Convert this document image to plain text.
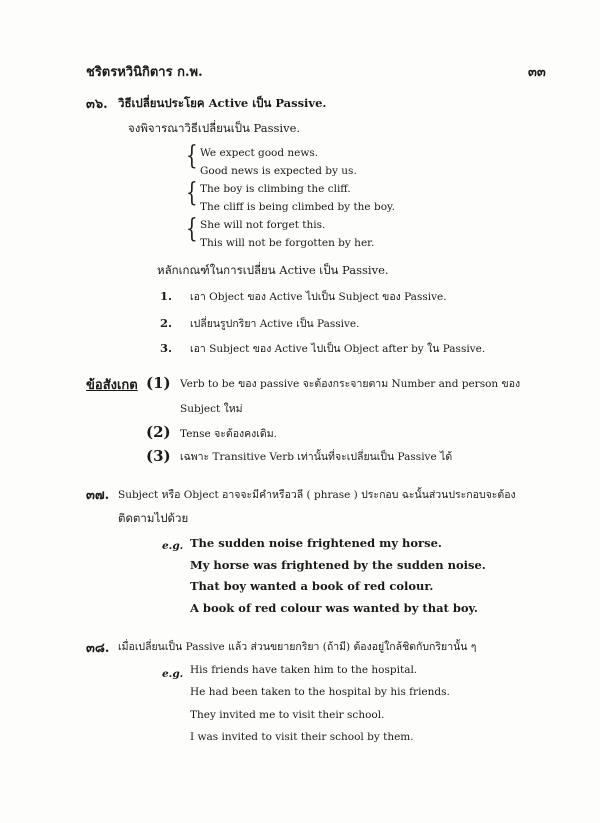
ชริตรหวินิกิตาร ก.พ.	๓๓
๓๖. วิธีเปลี่ยนประโยค Active เป็น Passive.
จงพิจารณาวิธีเปลี่ยนเป็น Passive.
{ We expect good news.
Good news is expected by us.
{ The boy is climbing the cliff.
The cliff is being climbed by the boy.
{ She will not forget this.
This will not be forgotten by her.
หลักเกณฑ์ในการเปลี่ยน Active เป็น Passive.
1. เอา Object ของ Active ไปเป็น Subject ของ Passive.
2. เปลี่ยนรูปกริยา Active เป็น Passive.
3. เอา Subject ของ Active ไปเป็น Object after by ใน Passive.
ข้อสังเกต (1) Verb to be ของ passive จะต้องกระจายตาม Number and person ของ
Subject ใหม่
(2) Tense จะต้องคงเดิม.
(3) เฉพาะ Transitive Verb เท่านั้นที่จะเปลี่ยนเป็น Passive ได้
๓๗. Subject หรือ Object อาจจะมีคำหรือวลี ( phrase ) ประกอบ ฉะนั้นส่วนประกอบจะต้อง
ติดตามไปด้วย
e.g. The sudden noise frightened my horse.
My horse was frightened by the sudden noise.
That boy wanted a book of red colour.
A book of red colour was wanted by that boy.
๓๘. เมื่อเปลี่ยนเป็น Passive แล้ว ส่วนขยายกริยา (ถ้ามี) ต้องอยู่ใกล้ชิดกับกริยานั้น ๆ
e.g. His friends have taken him to the hospital.
He had been taken to the hospital by his friends.
They invited me to visit their school.
I was invited to visit their school by them.
